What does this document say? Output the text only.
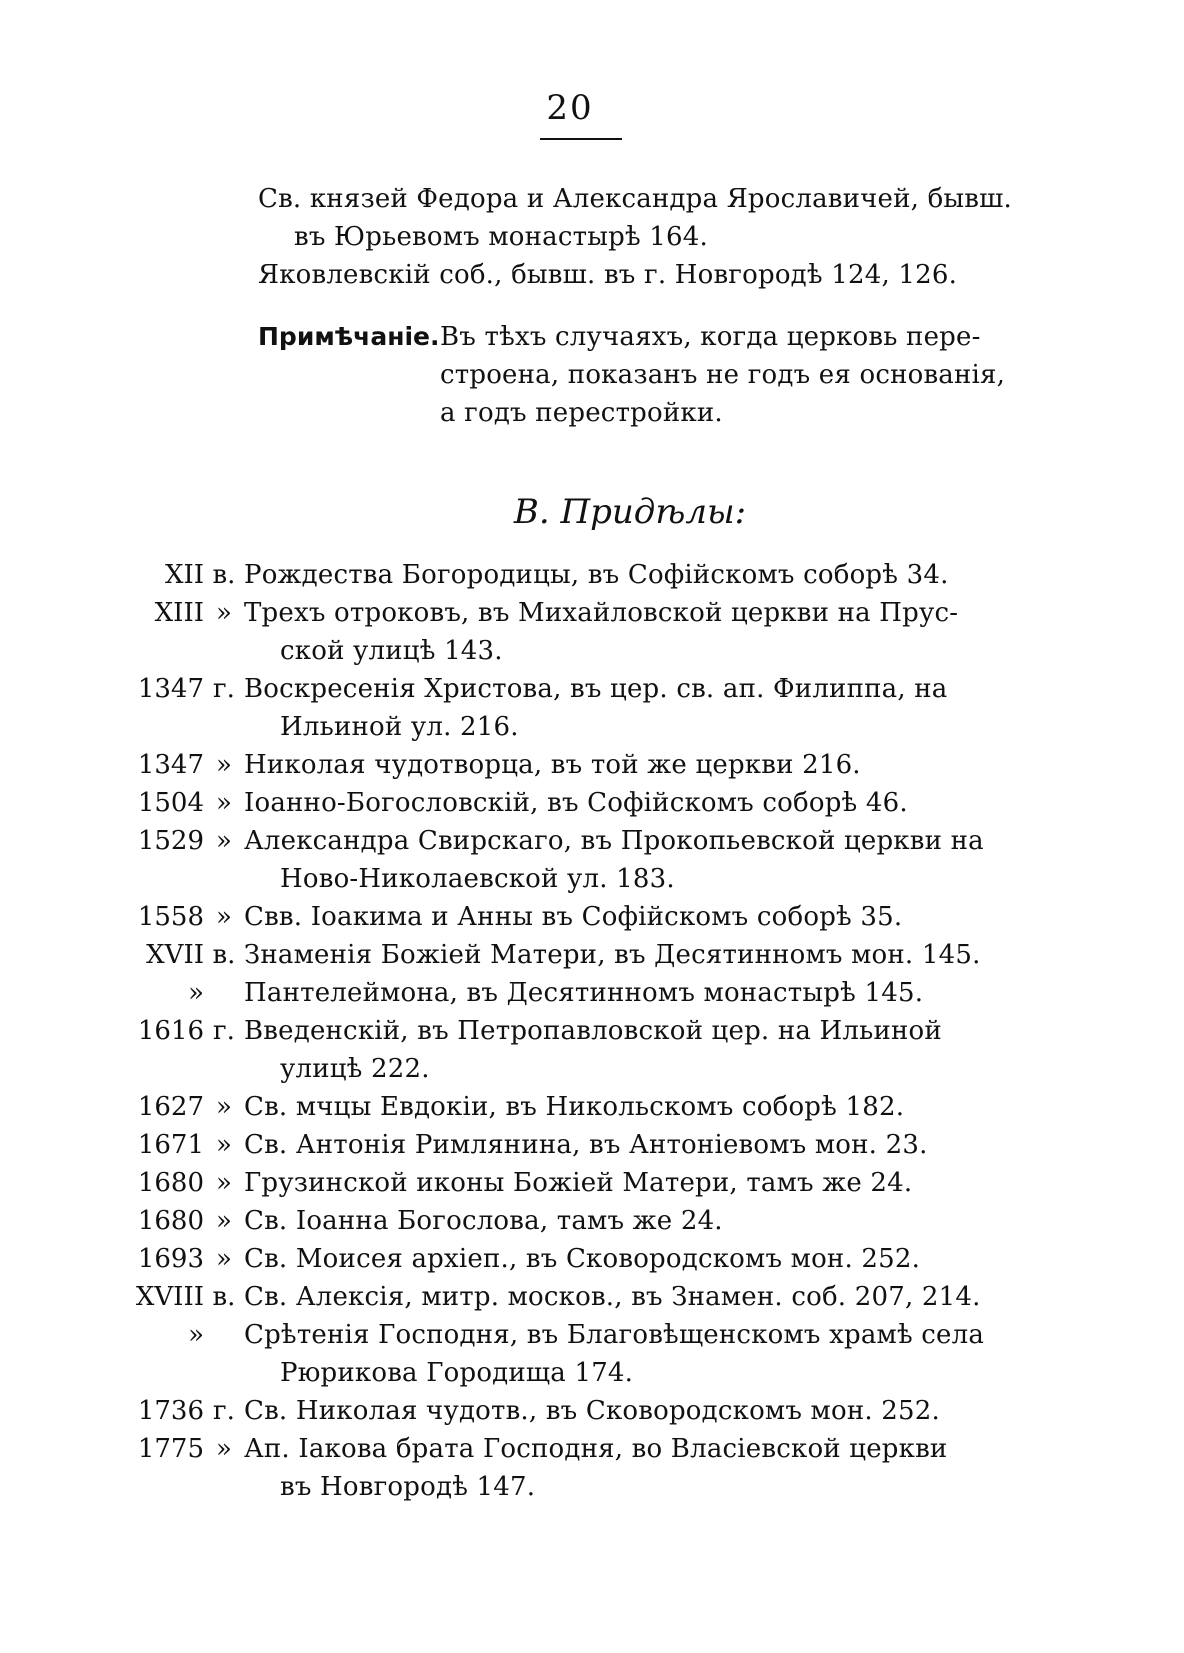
20
Св. князей Федора и Александра Ярославичей, бывш.
въ Юрьевомъ монастырѣ 164.
Яковлевскій соб., бывш. въ г. Новгородѣ 124, 126.
Примѣчаніе. Въ тѣхъ случаяхъ, когда церковь пере-
строена, показанъ не годъ ея основанія,
а годъ перестройки.
В. Придѣлы:
XII в. Рождества Богородицы, въ Софійскомъ соборѣ 34.
XIII » Трехъ отроковъ, въ Михайловской церкви на Прус-
ской улицѣ 143.
1347 г. Воскресенія Христова, въ цер. св. ап. Филиппа, на
Ильиной ул. 216.
1347 » Николая чудотворца, въ той же церкви 216.
1504 » Іоанно-Богословскій, въ Софійскомъ соборѣ 46.
1529 » Александра Свирскаго, въ Прокопьевской церкви на
Ново-Николаевской ул. 183.
1558 » Свв. Іоакима и Анны въ Софійскомъ соборѣ 35.
XVII в. Знаменія Божіей Матери, въ Десятинномъ мон. 145.
» Пантелеймона, въ Десятинномъ монастырѣ 145.
1616 г. Введенскій, въ Петропавловской цер. на Ильиной
улицѣ 222.
1627 » Св. мчцы Евдокіи, въ Никольскомъ соборѣ 182.
1671 » Св. Антонія Римлянина, въ Антоніевомъ мон. 23.
1680 » Грузинской иконы Божіей Матери, тамъ же 24.
1680 » Св. Іоанна Богослова, тамъ же 24.
1693 » Св. Моисея архіеп., въ Сковородскомъ мон. 252.
XVIII в. Св. Алексія, митр. москов., въ Знамен. соб. 207, 214.
» Срѣтенія Господня, въ Благовѣщенскомъ храмѣ села
Рюрикова Городища 174.
1736 г. Св. Николая чудотв., въ Сковородскомъ мон. 252.
1775 » Ап. Іакова брата Господня, во Власіевской церкви
въ Новгородѣ 147.
